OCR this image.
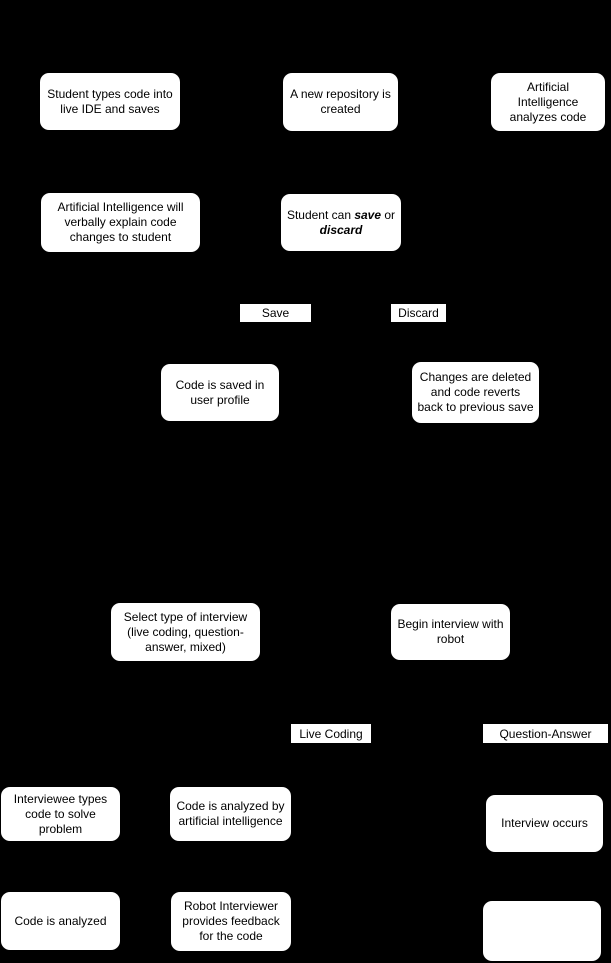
Student types code into live IDE and saves
A new repository is created
Artificial Intelligence analyzes code
Artificial Intelligence will verbally explain code changes to student
Student can save or discard
Save	Discard
Code is saved in user profile
Changes are deleted and code reverts back to previous save
Select type of interview (live coding, question-answer, mixed)
Begin interview with robot
Live Coding	Question-Answer
Interviewee types code to solve problem
Code is analyzed by artificial intelligence	Interview occurs
Code is analyzed
Robot Interviewer provides feedback for the code
